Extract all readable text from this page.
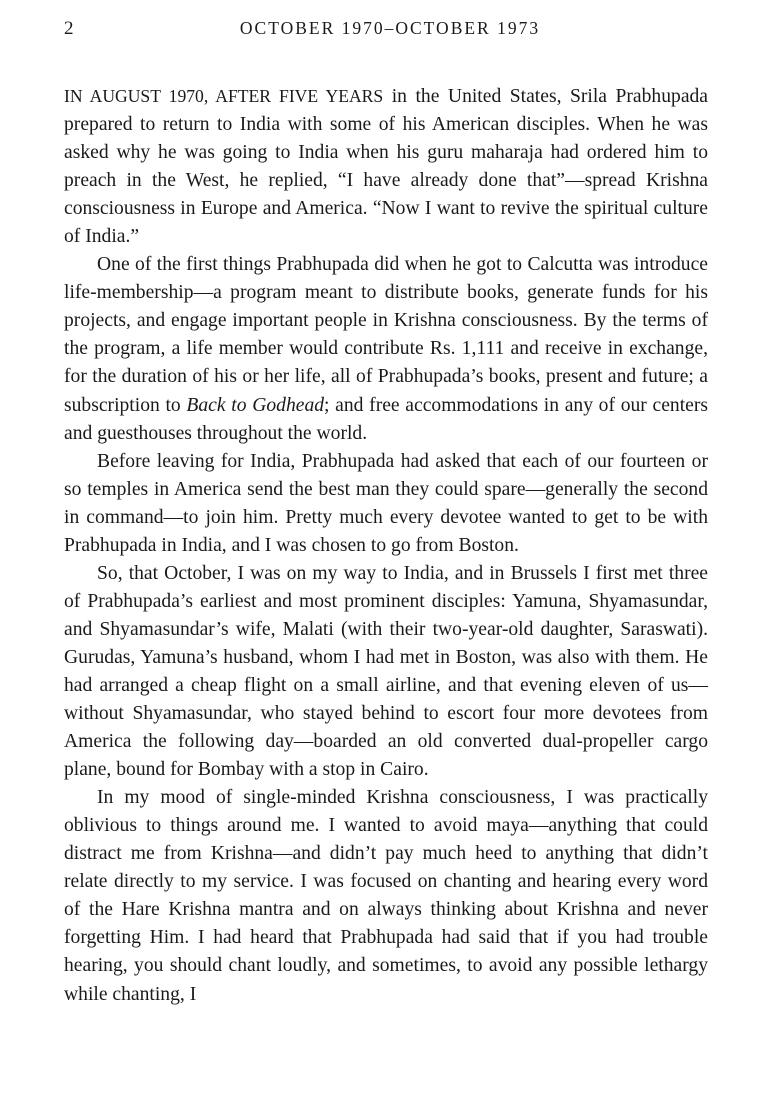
2	OCTOBER 1970–OCTOBER 1973

IN AUGUST 1970, AFTER FIVE YEARS in the United States, Srila Prabhupada prepared to return to India with some of his American disciples. When he was asked why he was going to India when his guru maharaja had ordered him to preach in the West, he replied, “I have already done that”—spread Krishna consciousness in Europe and America. “Now I want to revive the spiritual culture of India.”

One of the first things Prabhupada did when he got to Calcutta was introduce life-membership—a program meant to distribute books, generate funds for his projects, and engage important people in Krishna consciousness. By the terms of the program, a life member would contribute Rs. 1,111 and receive in exchange, for the duration of his or her life, all of Prabhupada’s books, present and future; a subscription to Back to Godhead; and free accommodations in any of our centers and guesthouses throughout the world.

Before leaving for India, Prabhupada had asked that each of our fourteen or so temples in America send the best man they could spare—generally the second in command—to join him. Pretty much every devotee wanted to get to be with Prabhupada in India, and I was chosen to go from Boston.

So, that October, I was on my way to India, and in Brussels I first met three of Prabhupada’s earliest and most prominent disciples: Yamuna, Shyamasundar, and Shyamasundar’s wife, Malati (with their two-year-old daughter, Saraswati). Gurudas, Yamuna’s husband, whom I had met in Boston, was also with them. He had arranged a cheap flight on a small airline, and that evening eleven of us—without Shyamasundar, who stayed behind to escort four more devotees from America the following day—boarded an old converted dual-propeller cargo plane, bound for Bombay with a stop in Cairo.

In my mood of single-minded Krishna consciousness, I was practically oblivious to things around me. I wanted to avoid maya—anything that could distract me from Krishna—and didn’t pay much heed to anything that didn’t relate directly to my service. I was focused on chanting and hearing every word of the Hare Krishna mantra and on always thinking about Krishna and never forgetting Him. I had heard that Prabhupada had said that if you had trouble hearing, you should chant loudly, and sometimes, to avoid any possible lethargy while chanting, I
